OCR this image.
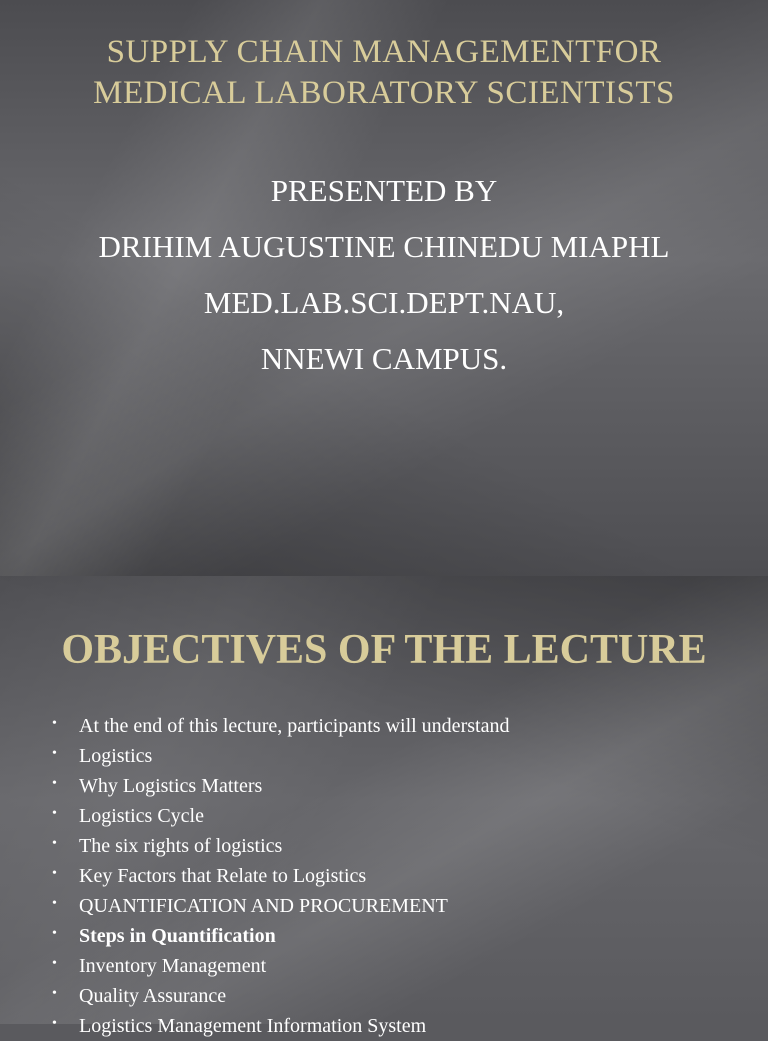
SUPPLY CHAIN MANAGEMENTFOR
MEDICAL LABORATORY SCIENTISTS
PRESENTED BY
DRIHIM AUGUSTINE CHINEDU MIAPHL
MED.LAB.SCI.DEPT.NAU,
NNEWI CAMPUS.
OBJECTIVES OF THE LECTURE
• At the end of this lecture, participants will understand
• Logistics
• Why Logistics Matters
• Logistics Cycle
• The six rights of logistics
• Key Factors that Relate to Logistics
• QUANTIFICATION AND PROCUREMENT
• Steps in Quantification
• Inventory Management
• Quality Assurance
• Logistics Management Information System
